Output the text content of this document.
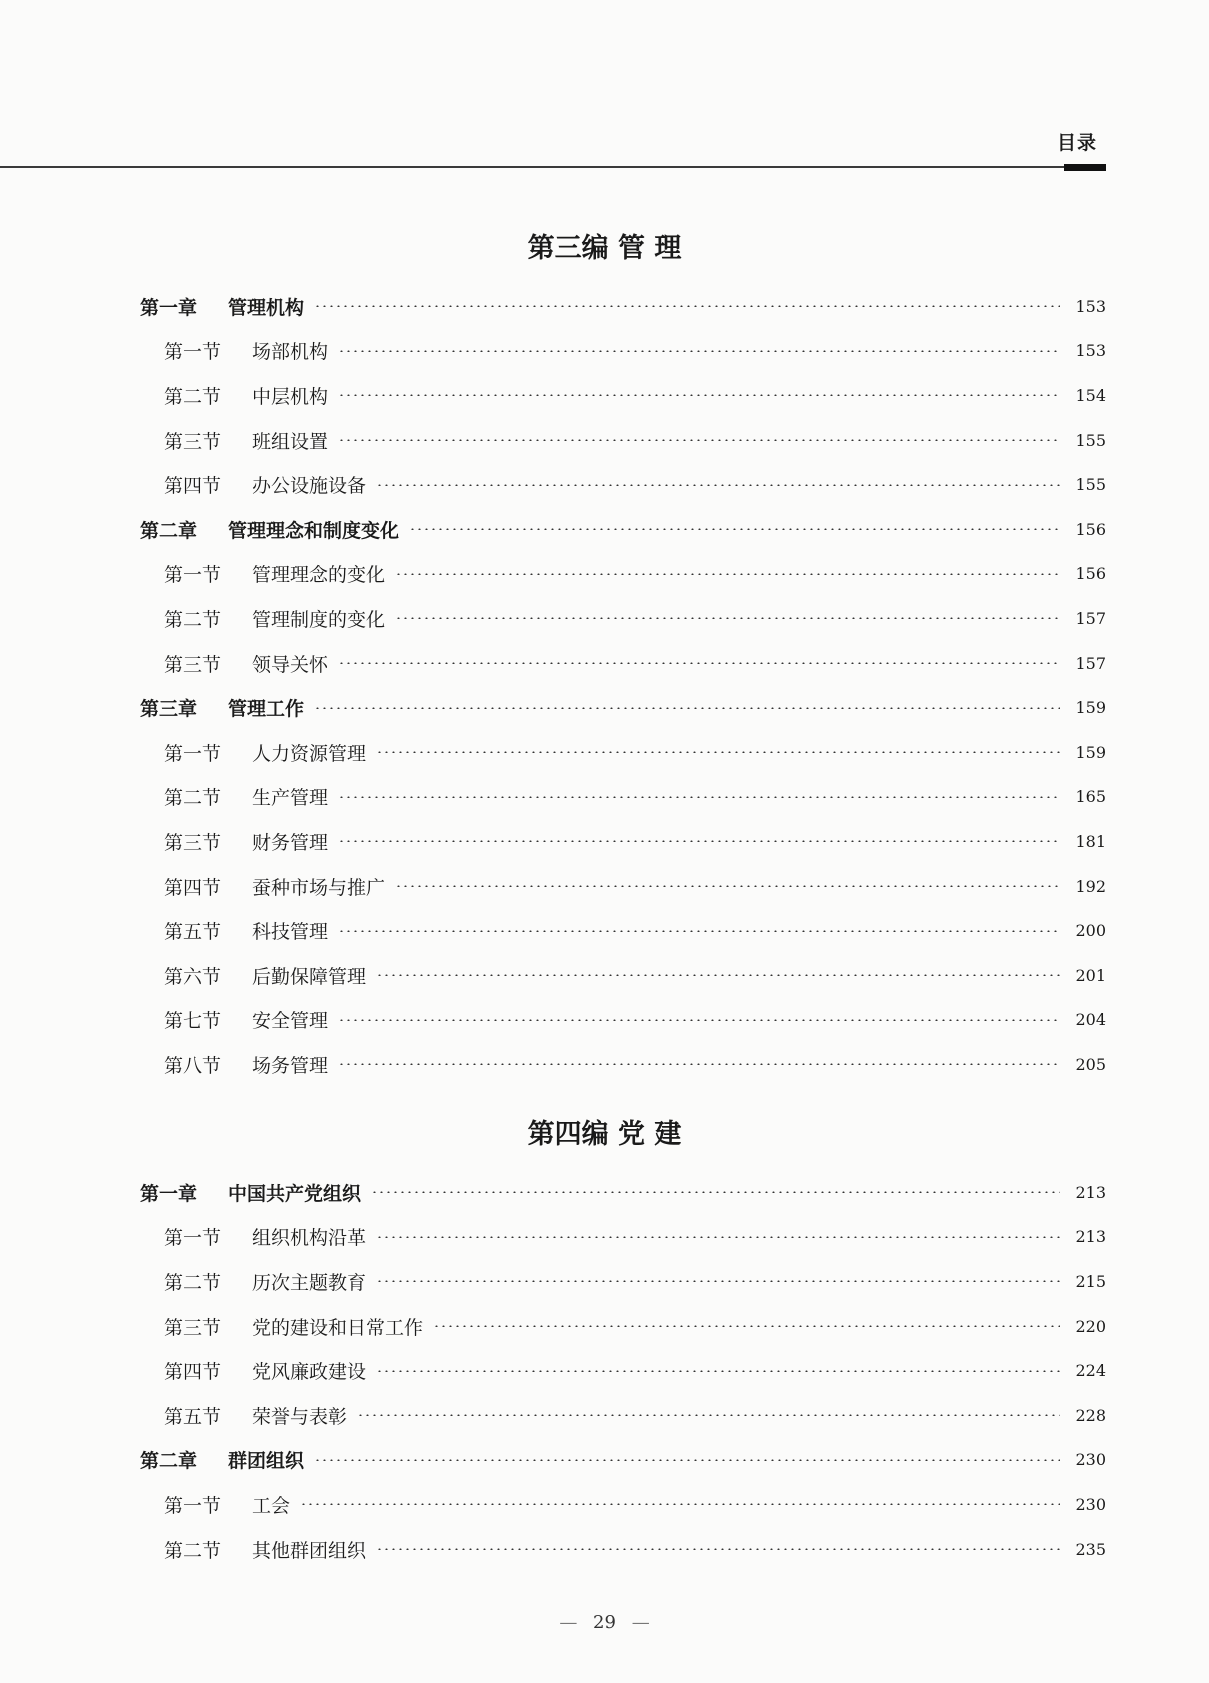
目录
第三编 管 理
第一章	管理机构	153
第一节	场部机构	153
第二节	中层机构	154
第三节	班组设置	155
第四节	办公设施设备	155
第二章	管理理念和制度变化	156
第一节	管理理念的变化	156
第二节	管理制度的变化	157
第三节	领导关怀	157
第三章	管理工作	159
第一节	人力资源管理	159
第二节	生产管理	165
第三节	财务管理	181
第四节	蚕种市场与推广	192
第五节	科技管理	200
第六节	后勤保障管理	201
第七节	安全管理	204
第八节	场务管理	205
第四编 党 建
第一章	中国共产党组织	213
第一节	组织机构沿革	213
第二节	历次主题教育	215
第三节	党的建设和日常工作	220
第四节	党风廉政建设	224
第五节	荣誉与表彰	228
第二章	群团组织	230
第一节	工会	230
第二节	其他群团组织	235
— 29 —
